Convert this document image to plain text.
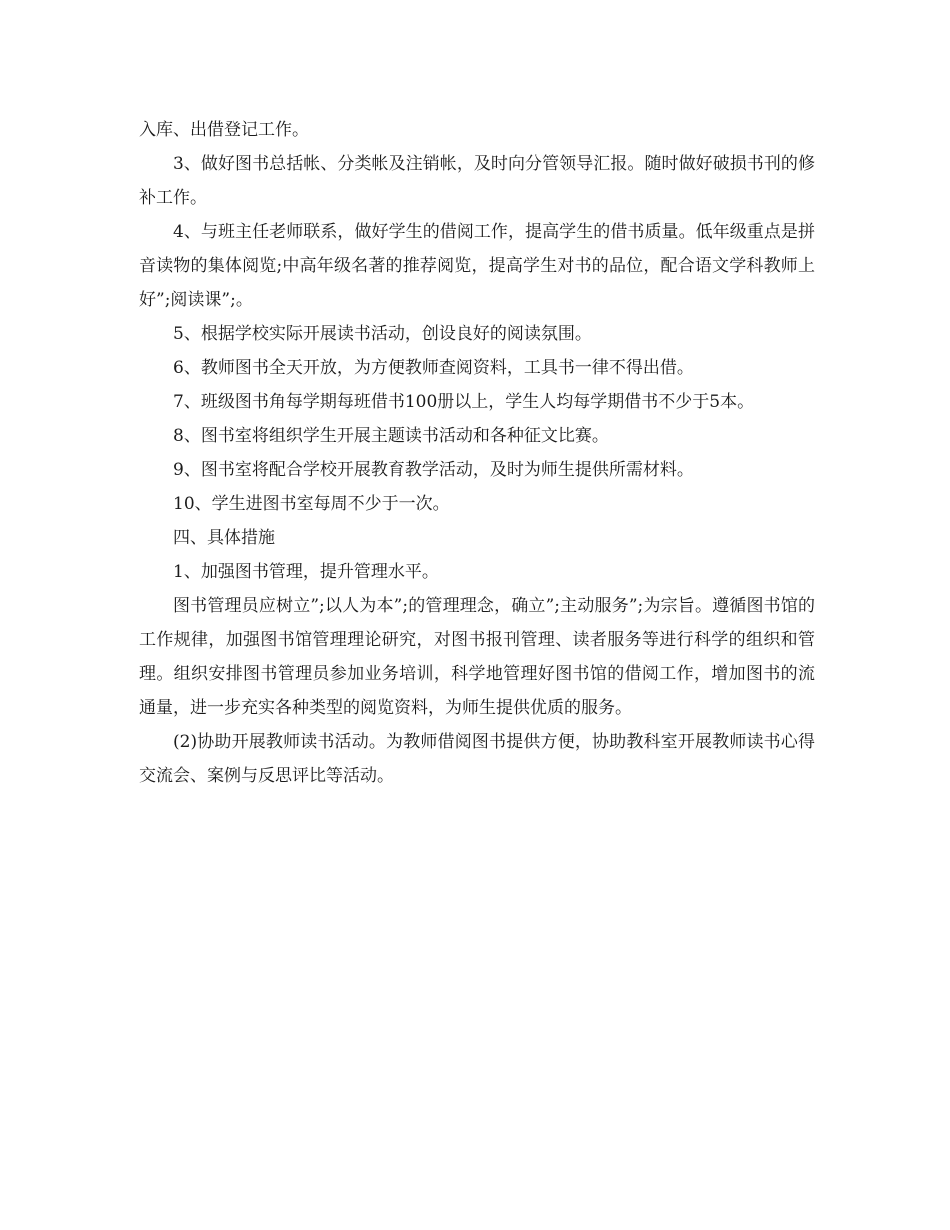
入库、出借登记工作。

3、做好图书总括帐、分类帐及注销帐，及时向分管领导汇报。随时做好破损书刊的修补工作。

4、与班主任老师联系，做好学生的借阅工作，提高学生的借书质量。低年级重点是拼音读物的集体阅览;中高年级名著的推荐阅览，提高学生对书的品位，配合语文学科教师上好”;阅读课”;。

5、根据学校实际开展读书活动，创设良好的阅读氛围。

6、教师图书全天开放，为方便教师查阅资料，工具书一律不得出借。

7、班级图书角每学期每班借书100册以上，学生人均每学期借书不少于5本。

8、图书室将组织学生开展主题读书活动和各种征文比赛。

9、图书室将配合学校开展教育教学活动，及时为师生提供所需材料。

10、学生进图书室每周不少于一次。

四、具体措施

1、加强图书管理，提升管理水平。

图书管理员应树立”;以人为本”;的管理理念，确立”;主动服务”;为宗旨。遵循图书馆的工作规律，加强图书馆管理理论研究，对图书报刊管理、读者服务等进行科学的组织和管理。组织安排图书管理员参加业务培训，科学地管理好图书馆的借阅工作，增加图书的流通量，进一步充实各种类型的阅览资料，为师生提供优质的服务。

(2)协助开展教师读书活动。为教师借阅图书提供方便，协助教科室开展教师读书心得交流会、案例与反思评比等活动。
